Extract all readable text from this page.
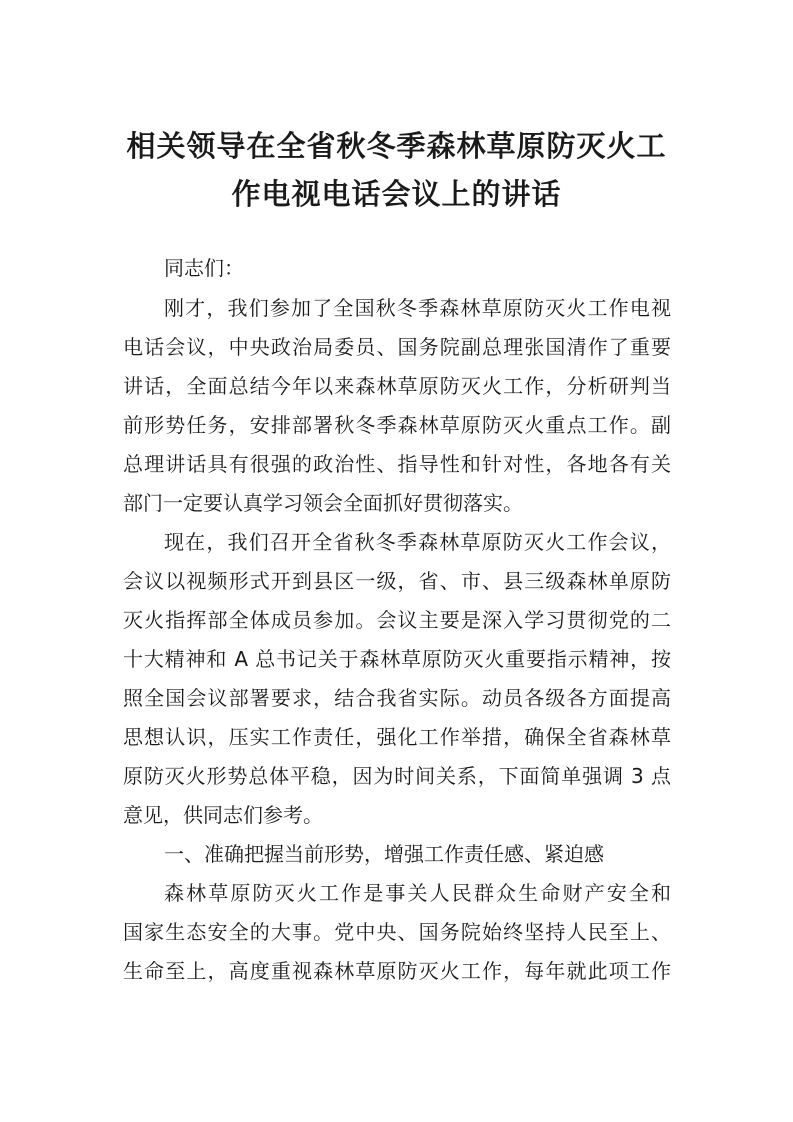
相关领导在全省秋冬季森林草原防灭火工
作电视电话会议上的讲话

同志们：

刚才，我们参加了全国秋冬季森林草原防灭火工作电视

电话会议，中央政治局委员、国务院副总理张国清作了重要

讲话，全面总结今年以来森林草原防灭火工作，分析研判当

前形势任务，安排部署秋冬季森林草原防灭火重点工作。副

总理讲话具有很强的政治性、指导性和针对性，各地各有关

部门一定要认真学习领会全面抓好贯彻落实。

现在，我们召开全省秋冬季森林草原防灭火工作会议，

会议以视频形式开到县区一级，省、市、县三级森林单原防

灭火指挥部全体成员参加。会议主要是深入学习贯彻党的二

十大精神和 A 总书记关于森林草原防灭火重要指示精神，按

照全国会议部署要求，结合我省实际。动员各级各方面提高

思想认识，压实工作责任，强化工作举措，确保全省森林草

原防灭火形势总体平稳，因为时间关系，下面简单强调 3 点

意见，供同志们参考。

一、准确把握当前形势，增强工作责任感、紧迫感

森林草原防灭火工作是事关人民群众生命财产安全和

国家生态安全的大事。党中央、国务院始终坚持人民至上、

生命至上，高度重视森林草原防灭火工作，每年就此项工作
